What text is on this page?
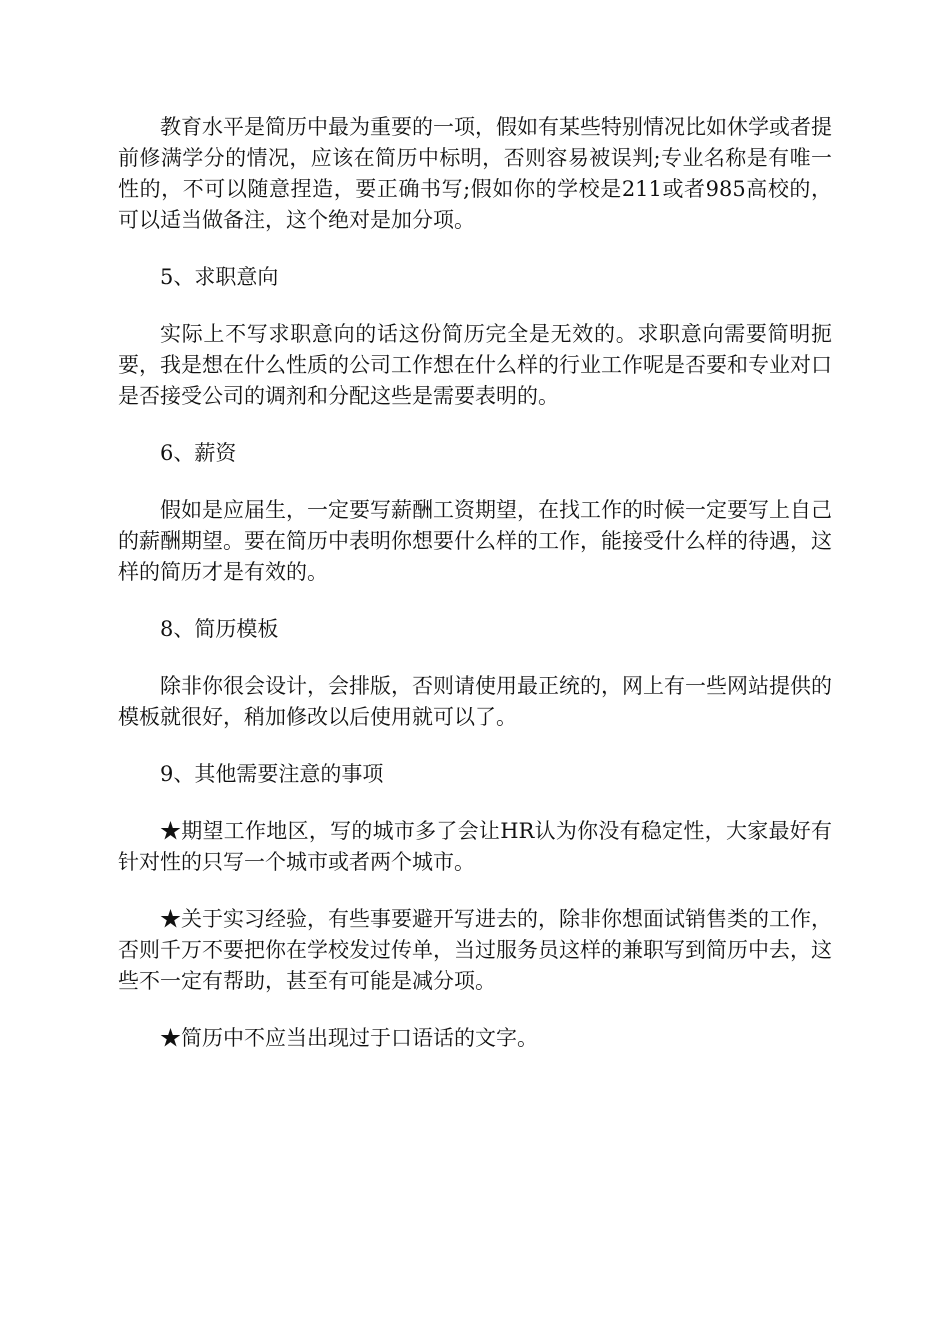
教育水平是简历中最为重要的一项，假如有某些特别情况比如休学或者提前修满学分的情况，应该在简历中标明，否则容易被误判;专业名称是有唯一性的，不可以随意捏造，要正确书写;假如你的学校是211或者985高校的，可以适当做备注，这个绝对是加分项。

5、求职意向

实际上不写求职意向的话这份简历完全是无效的。求职意向需要简明扼要，我是想在什么性质的公司工作想在什么样的行业工作呢是否要和专业对口是否接受公司的调剂和分配这些是需要表明的。

6、薪资

假如是应届生，一定要写薪酬工资期望，在找工作的时候一定要写上自己的薪酬期望。要在简历中表明你想要什么样的工作，能接受什么样的待遇，这样的简历才是有效的。

8、简历模板

除非你很会设计，会排版，否则请使用最正统的，网上有一些网站提供的模板就很好，稍加修改以后使用就可以了。

9、其他需要注意的事项

★期望工作地区，写的城市多了会让HR认为你没有稳定性，大家最好有针对性的只写一个城市或者两个城市。

★关于实习经验，有些事要避开写进去的，除非你想面试销售类的工作，否则千万不要把你在学校发过传单，当过服务员这样的兼职写到简历中去，这些不一定有帮助，甚至有可能是减分项。

★简历中不应当出现过于口语话的文字。
